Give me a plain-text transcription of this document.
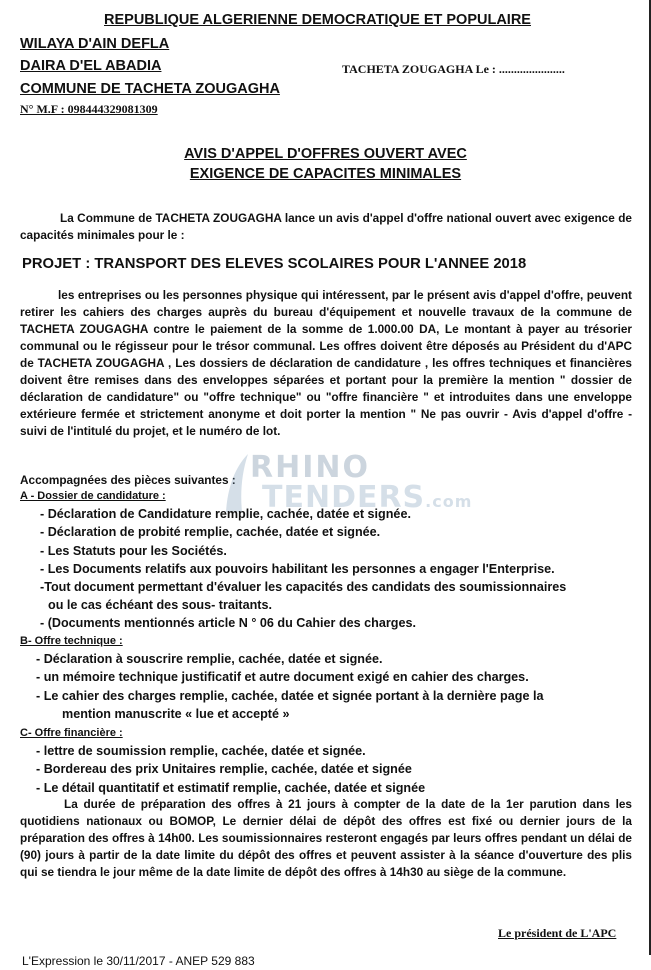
REPUBLIQUE ALGERIENNE DEMOCRATIQUE ET POPULAIRE
WILAYA D'AIN DEFLA
DAIRA D'EL ABADIA	TACHETA ZOUGAGHA Le : ......................
COMMUNE DE TACHETA ZOUGAGHA
N° M.F : 098444329081309
AVIS D'APPEL D'OFFRES OUVERT AVEC
EXIGENCE DE CAPACITES MINIMALES
La Commune de TACHETA ZOUGAGHA lance un avis d'appel d'offre national ouvert avec exigence de capacités minimales pour le :
PROJET : TRANSPORT DES ELEVES SCOLAIRES POUR L'ANNEE 2018
les entreprises ou les personnes physique qui intéressent, par le présent avis d'appel d'offre, peuvent retirer les cahiers des charges auprès du bureau d'équipement et nouvelle travaux de la commune de TACHETA ZOUGAGHA contre le paiement de la somme de 1.000.00 DA, Le montant à payer au trésorier communal ou le régisseur pour le trésor communal. Les offres doivent être déposés au Président du d'APC de TACHETA ZOUGAGHA , Les dossiers de déclaration de candidature , les offres techniques et financières doivent être remises dans des enveloppes séparées et portant pour la première la mention " dossier de déclaration de candidature" ou "offre technique" ou "offre financière " et introduites dans une enveloppe extérieure fermée et strictement anonyme et doit porter la mention " Ne pas ouvrir - Avis d'appel d'offre - suivi de l'intitulé du projet, et le numéro de lot.
Accompagnées des pièces suivantes : RHINO
TENDERS.com
A - Dossier de candidature :
- Déclaration de Candidature remplie, cachée, datée et signée.
- Déclaration de probité remplie, cachée, datée et signée.
- Les Statuts pour les Sociétés.
- Les Documents relatifs aux pouvoirs habilitant les personnes a engager l'Enterprise.
-Tout document permettant d'évaluer les capacités des candidats des soumissionnaires
ou le cas échéant des sous- traitants.
- (Documents mentionnés article N ° 06 du Cahier des charges.
B- Offre technique :
- Déclaration à souscrire remplie, cachée, datée et signée.
- un mémoire technique justificatif et autre document exigé en cahier des charges.
- Le cahier des charges remplie, cachée, datée et signée portant à la dernière page la
mention manuscrite « lue et accepté »
C- Offre financière :
- lettre de soumission remplie, cachée, datée et signée.
- Bordereau des prix Unitaires remplie, cachée, datée et signée
- Le détail quantitatif et estimatif remplie, cachée, datée et signée
La durée de préparation des offres à 21 jours à compter de la date de la 1er parution dans les quotidiens nationaux ou BOMOP, Le dernier délai de dépôt des offres est fixé ou dernier jours de la préparation des offres à 14h00. Les soumissionnaires resteront engagés par leurs offres pendant un délai de (90) jours à partir de la date limite du dépôt des offres et peuvent assister à la séance d'ouverture des plis qui se tiendra le jour même de la date limite de dépôt des offres à 14h30 au siège de la commune.
Le président de L'APC
L'Expression le 30/11/2017 - ANEP 529 883
